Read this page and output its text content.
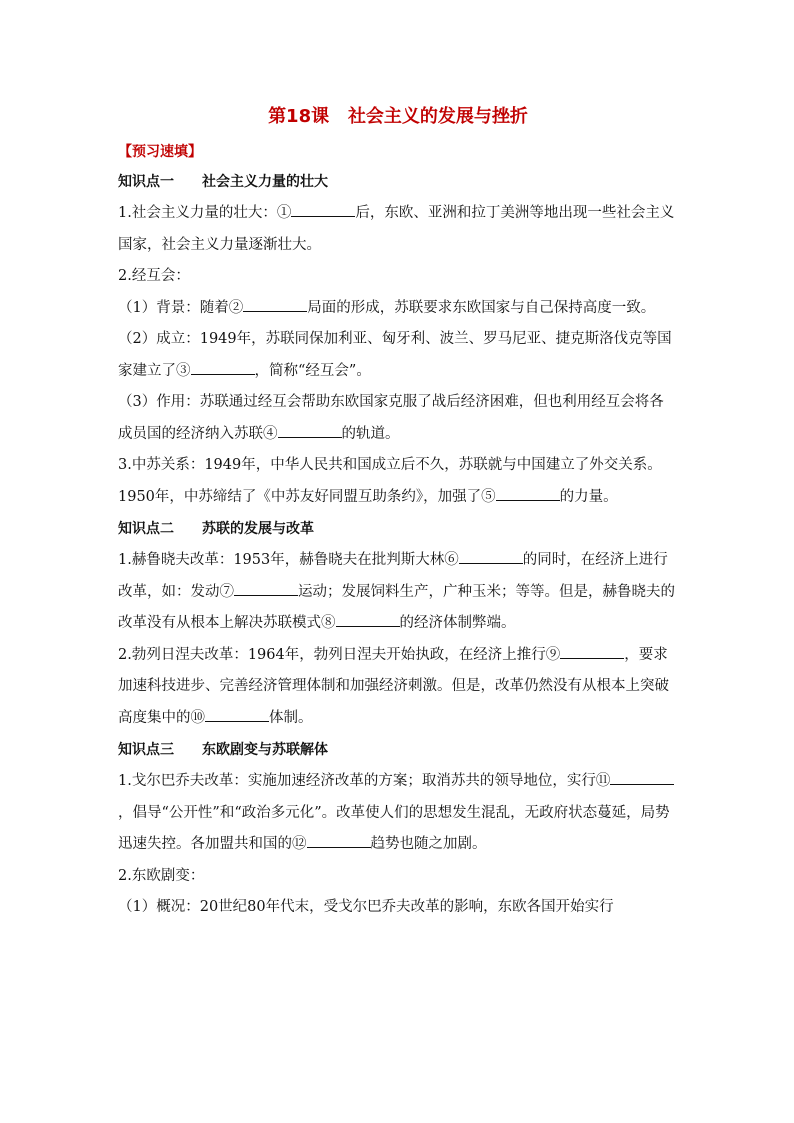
第18课 社会主义的发展与挫折
【预习速填】
知识点一 社会主义力量的壮大
1.社会主义力量的壮大：①	后，东欧、亚洲和拉丁美洲等地出现一些社会主义国家，社会主义力量逐渐壮大。
2.经互会：
（1）背景：随着②	局面的形成，苏联要求东欧国家与自己保持高度一致。
（2）成立：1949年，苏联同保加利亚、匈牙利、波兰、罗马尼亚、捷克斯洛伐克等国家建立了③	，简称“经互会”。
（3）作用：苏联通过经互会帮助东欧国家克服了战后经济困难，但也利用经互会将各成员国的经济纳入苏联④	的轨道。
3.中苏关系：1949年，中华人民共和国成立后不久，苏联就与中国建立了外交关系。1950年，中苏缔结了《中苏友好同盟互助条约》，加强了⑤	的力量。
知识点二 苏联的发展与改革
1.赫鲁晓夫改革：1953年，赫鲁晓夫在批判斯大林⑥	的同时，在经济上进行改革，如：发动⑦	运动；发展饲料生产，广种玉米；等等。但是，赫鲁晓夫的改革没有从根本上解决苏联模式⑧	的经济体制弊端。
2.勃列日涅夫改革：1964年，勃列日涅夫开始执政，在经济上推行⑨	，要求加速科技进步、完善经济管理体制和加强经济刺激。但是，改革仍然没有从根本上突破高度集中的⑩	体制。
知识点三 东欧剧变与苏联解体
1.戈尔巴乔夫改革：实施加速经济改革的方案；取消苏共的领导地位，实行⑪，倡导“公开性”和“政治多元化”。改革使人们的思想发生混乱，无政府状态蔓延，局势迅速失控。各加盟共和国的⑫	趋势也随之加剧。
2.东欧剧变：
（1）概况：20世纪80年代末，受戈尔巴乔夫改革的影响，东欧各国开始实行
